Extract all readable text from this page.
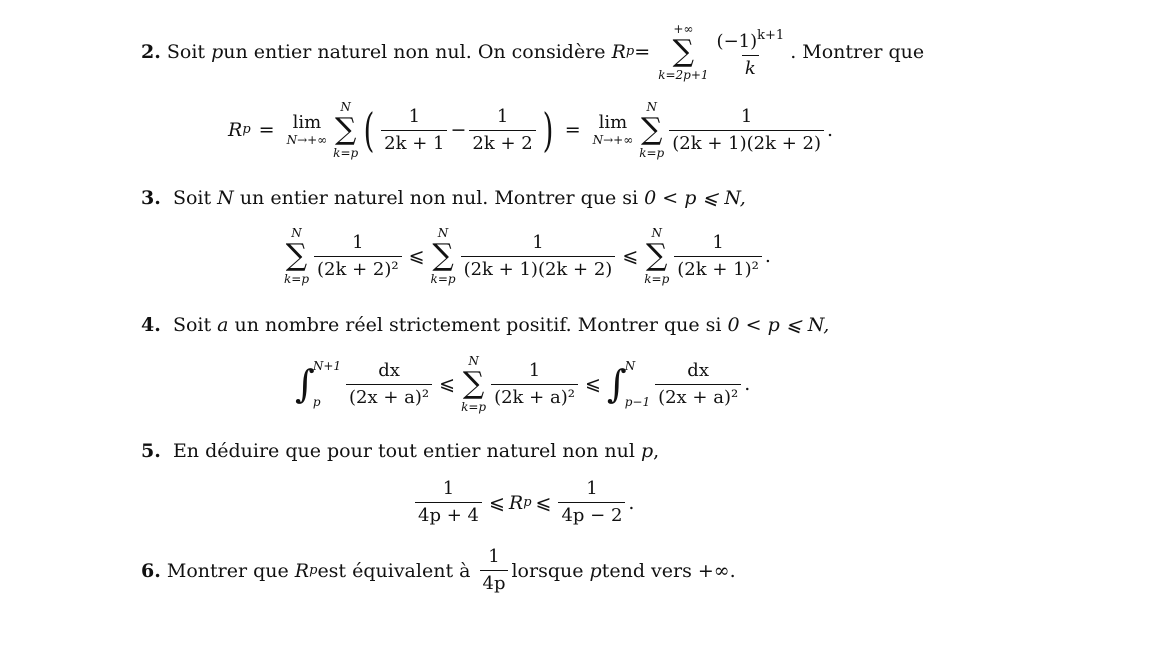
2.
Soit
p un entier naturel non nul. On considère
R p =

+∞
∑
$k=2p+1 \frac{(-1)^{k+1}}{k}$ . Montrer que
R p = lim
N→+∞
N
∑
k=p ( $\frac{1}{2k + 1} - \frac{1}{2k + 2}$ ) = lim
N→+∞
N
∑
$k=p \frac{1}{(2k + 1)(2k + 2)}$ .
3. Soit N un entier naturel non nul. Montrer que si 0 < p ⩽ N,
N
∑
$k=p \frac{1}{\text{(2k + 2)²}}$ ⩽
N
∑
$k=p \frac{1}{(2k + 1)(2k + 2)}$ ⩽
N
∑
$k=p \frac{1}{\text{(2k + 1)²}}$ .
4. Soit a un nombre réel strictement positif. Montrer que si 0 < p ⩽ N,
∫
N+1
p	$\frac{dx}{\text{(2x + a)²}}$ ⩽
N
∑
$k=p \frac{1}{\text{(2k + a)²}}$ ⩽ ∫
N
$p-1 \frac{dx}{\text{(2x + a)²}}$ .
5. En déduire que pour tout entier naturel non nul p,
$\frac{1}{4p + 4}$ ⩽ R p ⩽ $\frac{1}{4p - 2}$ .
6.
Montrer que
R p est équivalent à
$\frac{1}{4p}$ lorsque
p tend vers +∞.
